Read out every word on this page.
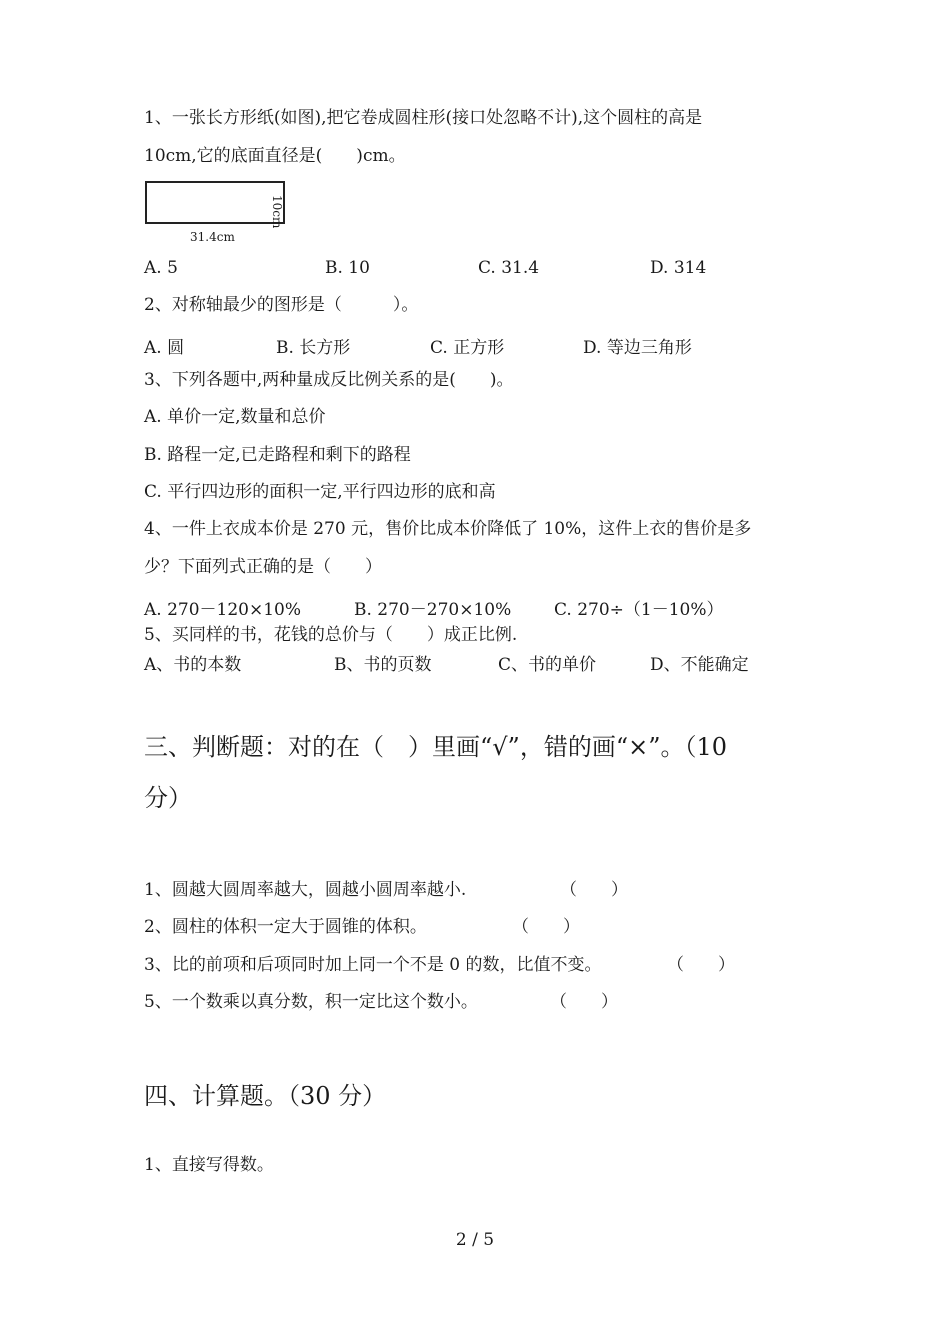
1、一张长方形纸(如图),把它卷成圆柱形(接口处忽略不计),这个圆柱的高是
10cm,它的底面直径是(　　)cm。
31.4cm
10cm
A. 5	B. 10	C. 31.4	D. 314
2、对称轴最少的图形是（　　　）。
A. 圆	B. 长方形	C. 正方形	D. 等边三角形
3、下列各题中,两种量成反比例关系的是(　　)。
A. 单价一定,数量和总价
B. 路程一定,已走路程和剩下的路程
C. 平行四边形的面积一定,平行四边形的底和高
4、一件上衣成本价是 270 元，售价比成本价降低了 10%，这件上衣的售价是多
少？下面列式正确的是（　　）
A. 270－120×10%	B. 270－270×10%	C. 270÷（1－10%）
5、买同样的书，花钱的总价与（　　）成正比例.
A、书的本数	B、书的页数	C、书的单价	D、不能确定
三、判断题：对的在（　）里画“√”，错的画“×”。（10
分）
1、圆越大圆周率越大，圆越小圆周率越小.	（　　）
2、圆柱的体积一定大于圆锥的体积。	（　　）
3、比的前项和后项同时加上同一个不是 0 的数，比值不变。	（　　）
5、一个数乘以真分数，积一定比这个数小。	（　　）
四、计算题。（30 分）
1、直接写得数。
2 / 5
